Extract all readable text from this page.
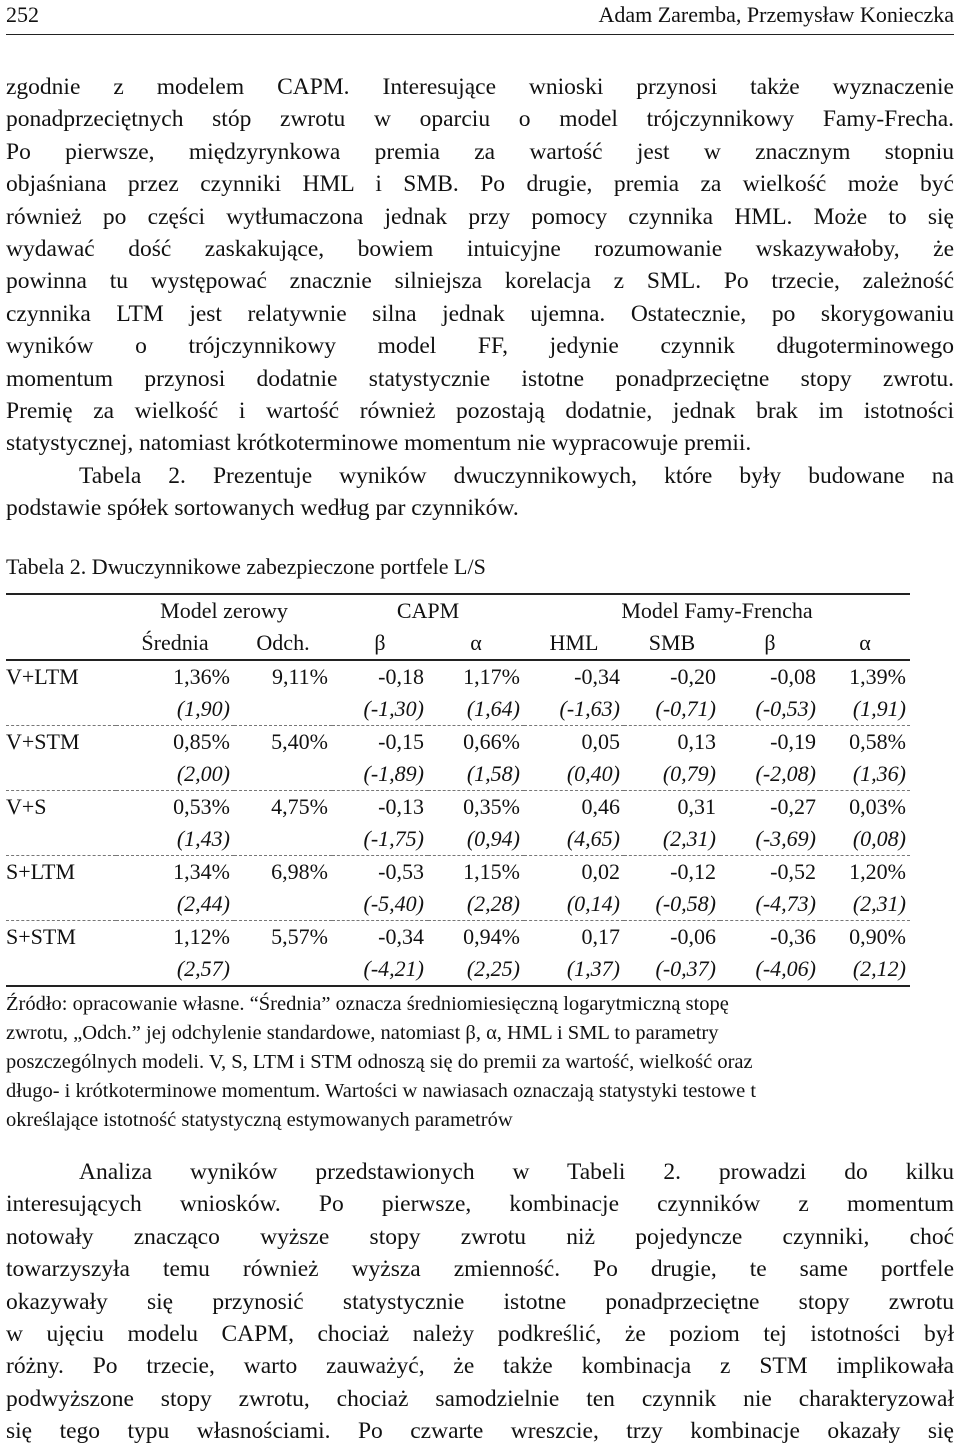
252	Adam Zaremba, Przemysław Konieczka

zgodnie z modelem CAPM. Interesujące wnioski przynosi także wyznaczenie
ponadprzeciętnych stóp zwrotu w oparciu o model trójczynnikowy Famy-Frecha.
Po pierwsze, międzyrynkowa premia za wartość jest w znacznym stopniu
objaśniana przez czynniki HML i SMB. Po drugie, premia za wielkość może być
również po części wytłumaczona jednak przy pomocy czynnika HML. Może to się
wydawać dość zaskakujące, bowiem intuicyjne rozumowanie wskazywałoby, że
powinna tu występować znacznie silniejsza korelacja z SML. Po trzecie, zależność
czynnika LTM jest relatywnie silna jednak ujemna. Ostatecznie, po skorygowaniu
wyników o trójczynnikowy model FF, jedynie czynnik długoterminowego
momentum przynosi dodatnie statystycznie istotne ponadprzeciętne stopy zwrotu.
Premię za wielkość i wartość również pozostają dodatnie, jednak brak im istotności
statystycznej, natomiast krótkoterminowe momentum nie wypracowuje premii.

Tabela 2. Prezentuje wyników dwuczynnikowych, które były budowane na
podstawie spółek sortowanych według par czynników.

Tabela 2. Dwuczynnikowe zabezpieczone portfele L/S

	Model zerowy		CAPM		Model Famy-Frencha			
	Średnia	Odch.	β	α	HML	SMB	β	α
V+LTM	1,36%	9,11%	-0,18	1,17%	-0,34	-0,20	-0,08	1,39%
	(1,90)		(-1,30)	(1,64)	(-1,63)	(-0,71)	(-0,53)	(1,91)
V+STM	0,85%	5,40%	-0,15	0,66%	0,05	0,13	-0,19	0,58%
	(2,00)		(-1,89)	(1,58)	(0,40)	(0,79)	(-2,08)	(1,36)
V+S	0,53%	4,75%	-0,13	0,35%	0,46	0,31	-0,27	0,03%
	(1,43)		(-1,75)	(0,94)	(4,65)	(2,31)	(-3,69)	(0,08)
S+LTM	1,34%	6,98%	-0,53	1,15%	0,02	-0,12	-0,52	1,20%
	(2,44)		(-5,40)	(2,28)	(0,14)	(-0,58)	(-4,73)	(2,31)
S+STM	1,12%	5,57%	-0,34	0,94%	0,17	-0,06	-0,36	0,90%
	(2,57)		(-4,21)	(2,25)	(1,37)	(-0,37)	(-4,06)	(2,12)

Źródło: opracowanie własne. “Średnia” oznacza średniomiesięczną logarytmiczną stopę
zwrotu, „Odch.” jej odchylenie standardowe, natomiast β, α, HML i SML to parametry
poszczególnych modeli. V, S, LTM i STM odnoszą się do premii za wartość, wielkość oraz
długo- i krótkoterminowe momentum. Wartości w nawiasach oznaczają statystyki testowe t
określające istotność statystyczną estymowanych parametrów

Analiza wyników przedstawionych w Tabeli 2. prowadzi do kilku
interesujących wniosków. Po pierwsze, kombinacje czynników z momentum
notowały znacząco wyższe stopy zwrotu niż pojedyncze czynniki, choć
towarzyszyła temu również wyższa zmienność. Po drugie, te same portfele
okazywały się przynosić statystycznie istotne ponadprzeciętne stopy zwrotu
w ujęciu modelu CAPM, chociaż należy podkreślić, że poziom tej istotności był
różny. Po trzecie, warto zauważyć, że także kombinacja z STM implikowała
podwyższone stopy zwrotu, chociaż samodzielnie ten czynnik nie charakteryzował
się tego typu własnościami. Po czwarte wreszcie, trzy kombinacje okazały się
